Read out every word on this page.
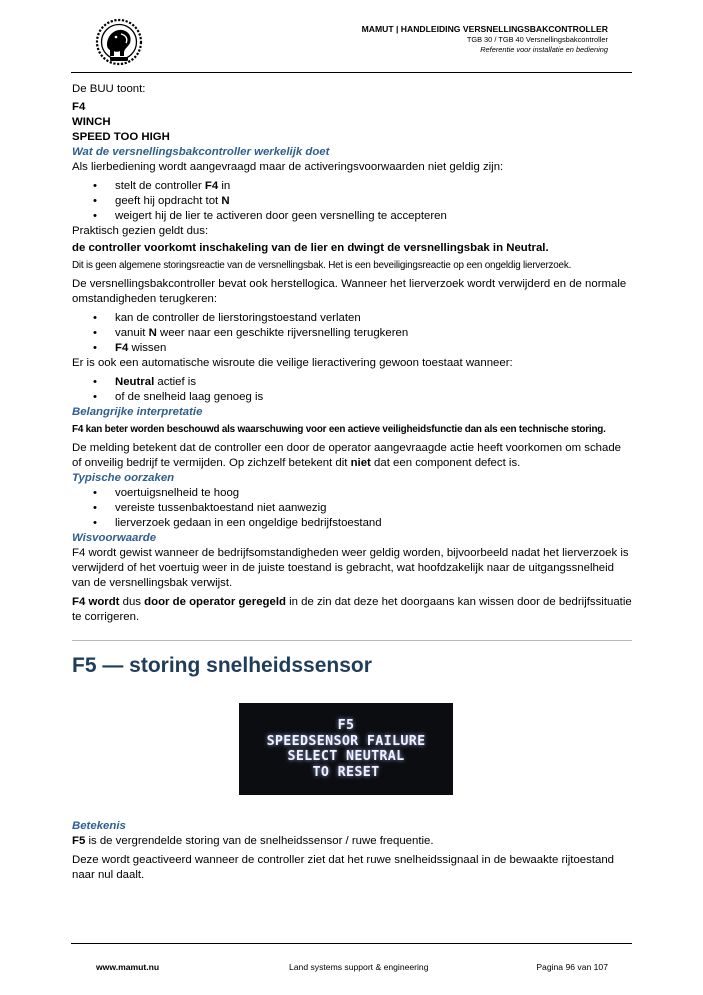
MAMUT | HANDLEIDING VERSNELLINGSBAKCONTROLLER
TGB 30 / TGB 40 Versnellingsbakcontroller
Referentie voor installatie en bediening

De BUU toont:

F4

WINCH

SPEED TOO HIGH

Wat de versnellingsbakcontroller werkelijk doet

Als lierbediening wordt aangevraagd maar de activeringsvoorwaarden niet geldig zijn:

• stelt de controller F4 in
• geeft hij opdracht tot N
• weigert hij de lier te activeren door geen versnelling te accepteren

Praktisch gezien geldt dus:

de controller voorkomt inschakeling van de lier en dwingt de versnellingsbak in Neutral.

Dit is geen algemene storingsreactie van de versnellingsbak. Het is een beveiligingsreactie op een ongeldig lierverzoek.

De versnellingsbakcontroller bevat ook herstellogica. Wanneer het lierverzoek wordt verwijderd en de normale omstandigheden terugkeren:

• kan de controller de lierstoringstoestand verlaten
• vanuit N weer naar een geschikte rijversnelling terugkeren
• F4 wissen

Er is ook een automatische wisroute die veilige lieractivering gewoon toestaat wanneer:

• Neutral actief is
• of de snelheid laag genoeg is

Belangrijke interpretatie

F4 kan beter worden beschouwd als waarschuwing voor een actieve veiligheidsfunctie dan als een technische storing.

De melding betekent dat de controller een door de operator aangevraagde actie heeft voorkomen om schade of onveilig bedrijf te vermijden. Op zichzelf betekent dit niet dat een component defect is.

Typische oorzaken

• voertuigsnelheid te hoog
• vereiste tussenbaktoestand niet aanwezig
• lierverzoek gedaan in een ongeldige bedrijfstoestand

Wisvoorwaarde

F4 wordt gewist wanneer de bedrijfsomstandigheden weer geldig worden, bijvoorbeeld nadat het lierverzoek is verwijderd of het voertuig weer in de juiste toestand is gebracht, wat hoofdzakelijk naar de uitgangssnelheid van de versnellingsbak verwijst.

F4 wordt dus door de operator geregeld in de zin dat deze het doorgaans kan wissen door de bedrijfssituatie te corrigeren.

F5 — storing snelheidssensor
F5
SPEEDSENSOR FAILURE
SELECT NEUTRAL
TO RESET

Betekenis

F5 is de vergrendelde storing van de snelheidssensor / ruwe frequentie.

Deze wordt geactiveerd wanneer de controller ziet dat het ruwe snelheidssignaal in de bewaakte rijtoestand naar nul daalt.

www.mamut.nu	Land systems support & engineering	Pagina 96 van 107
